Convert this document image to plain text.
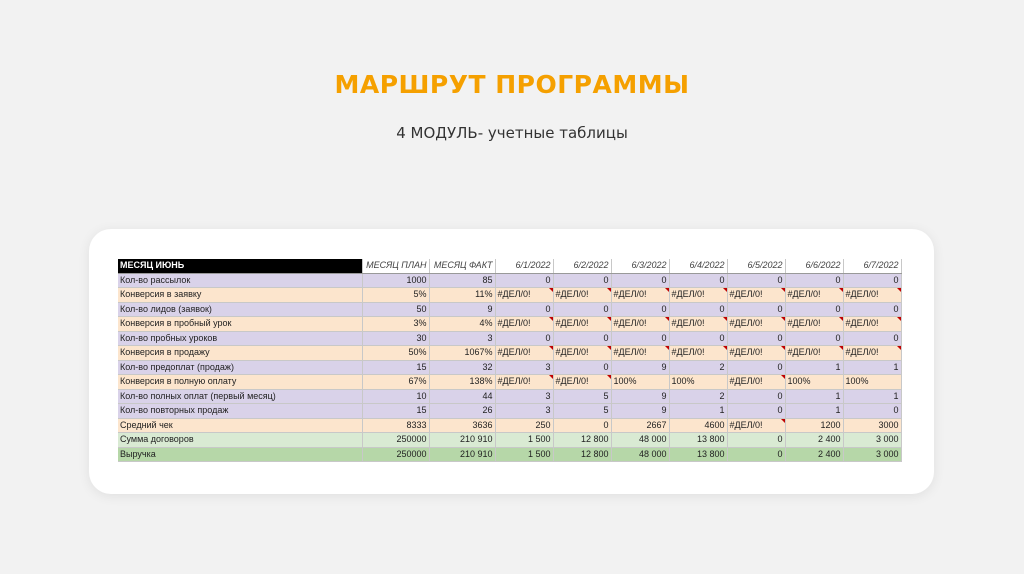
МАРШРУТ ПРОГРАММЫ
4 МОДУЛЬ- учетные таблицы
МЕСЯЦ ИЮНЬ	МЕСЯЦ ПЛАН	МЕСЯЦ ФАКТ	6/1/2022	6/2/2022	6/3/2022	6/4/2022	6/5/2022	6/6/2022	6/7/2022
Кол-во рассылок	1000	85	0	0	0	0	0	0	0
Конверсия в заявку	5%	11%	#ДЕЛ/0!	#ДЕЛ/0!	#ДЕЛ/0!	#ДЕЛ/0!	#ДЕЛ/0!	#ДЕЛ/0!	#ДЕЛ/0!
Кол-во лидов (заявок)	50	9	0	0	0	0	0	0	0
Конверсия в пробный урок	3%	4%	#ДЕЛ/0!	#ДЕЛ/0!	#ДЕЛ/0!	#ДЕЛ/0!	#ДЕЛ/0!	#ДЕЛ/0!	#ДЕЛ/0!
Кол-во пробных уроков	30	3	0	0	0	0	0	0	0
Конверсия в продажу	50%	1067%	#ДЕЛ/0!	#ДЕЛ/0!	#ДЕЛ/0!	#ДЕЛ/0!	#ДЕЛ/0!	#ДЕЛ/0!	#ДЕЛ/0!
Кол-во предоплат (продаж)	15	32	3	0	9	2	0	1	1
Конверсия в полную оплату	67%	138%	#ДЕЛ/0!	#ДЕЛ/0!	100%	100%	#ДЕЛ/0!	100%	100%
Кол-во полных оплат (первый месяц)	10	44	3	5	9	2	0	1	1
Кол-во повторных продаж	15	26	3	5	9	1	0	1	0
Средний чек	8333	3636	250	0	2667	4600	#ДЕЛ/0!	1200	3000
Сумма договоров	250000	210 910	1 500	12 800	48 000	13 800	0	2 400	3 000
Выручка	250000	210 910	1 500	12 800	48 000	13 800	0	2 400	3 000
